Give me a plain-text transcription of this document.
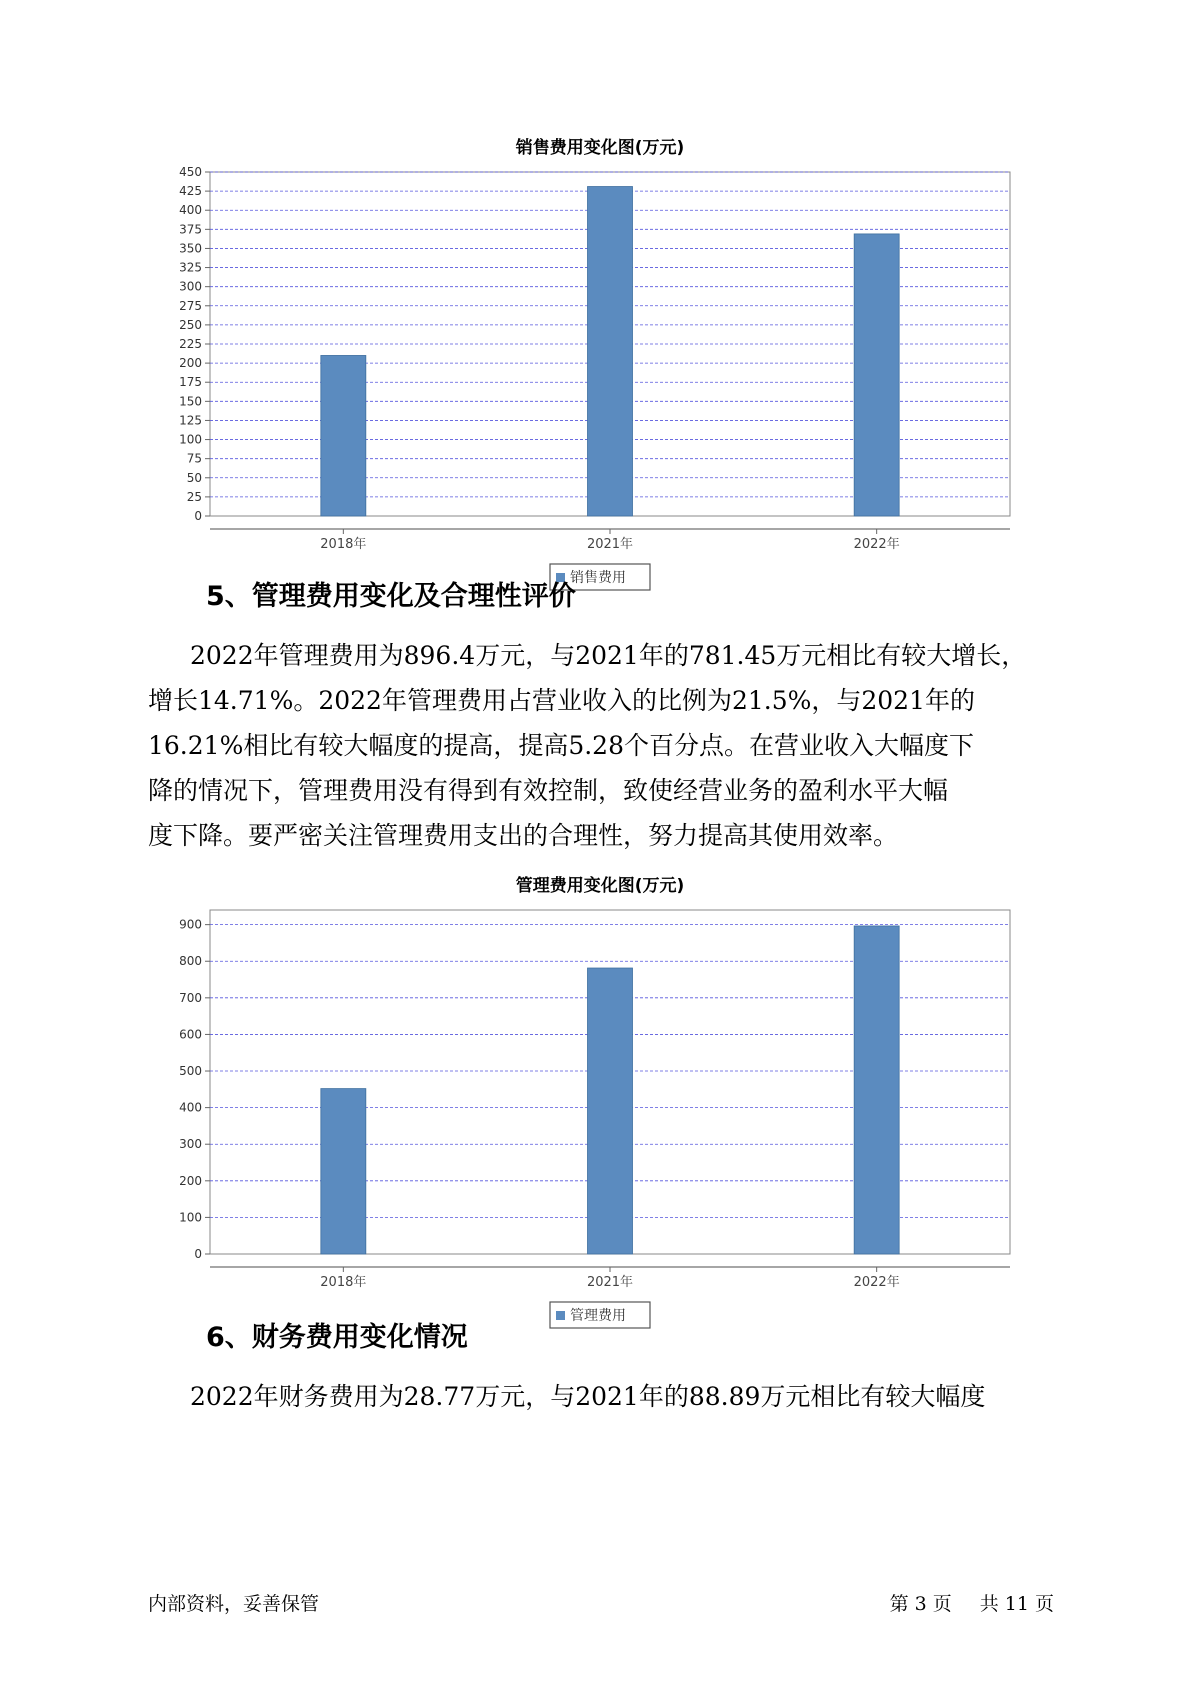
销售费用变化图(万元)
0
25
50
75
100
125
150
175
200
225
250
275
300
325
350
375
400
425
450
2018年	2021年	2022年
销售费用
5、管理费用变化及合理性评价
2022年管理费用为896.4万元，与2021年的781.45万元相比有较大增长，
增长14.71%。2022年管理费用占营业收入的比例为21.5%，与2021年的
16.21%相比有较大幅度的提高，提高5.28个百分点。在营业收入大幅度下
降的情况下，管理费用没有得到有效控制，致使经营业务的盈利水平大幅
度下降。要严密关注管理费用支出的合理性，努力提高其使用效率。
管理费用变化图(万元)
0
100
200
300
400
500
600
700
800
900
2018年	2021年	2022年
管理费用
6、财务费用变化情况
2022年财务费用为28.77万元，与2021年的88.89万元相比有较大幅度
内部资料，妥善保管	第 3 页 共 11 页
